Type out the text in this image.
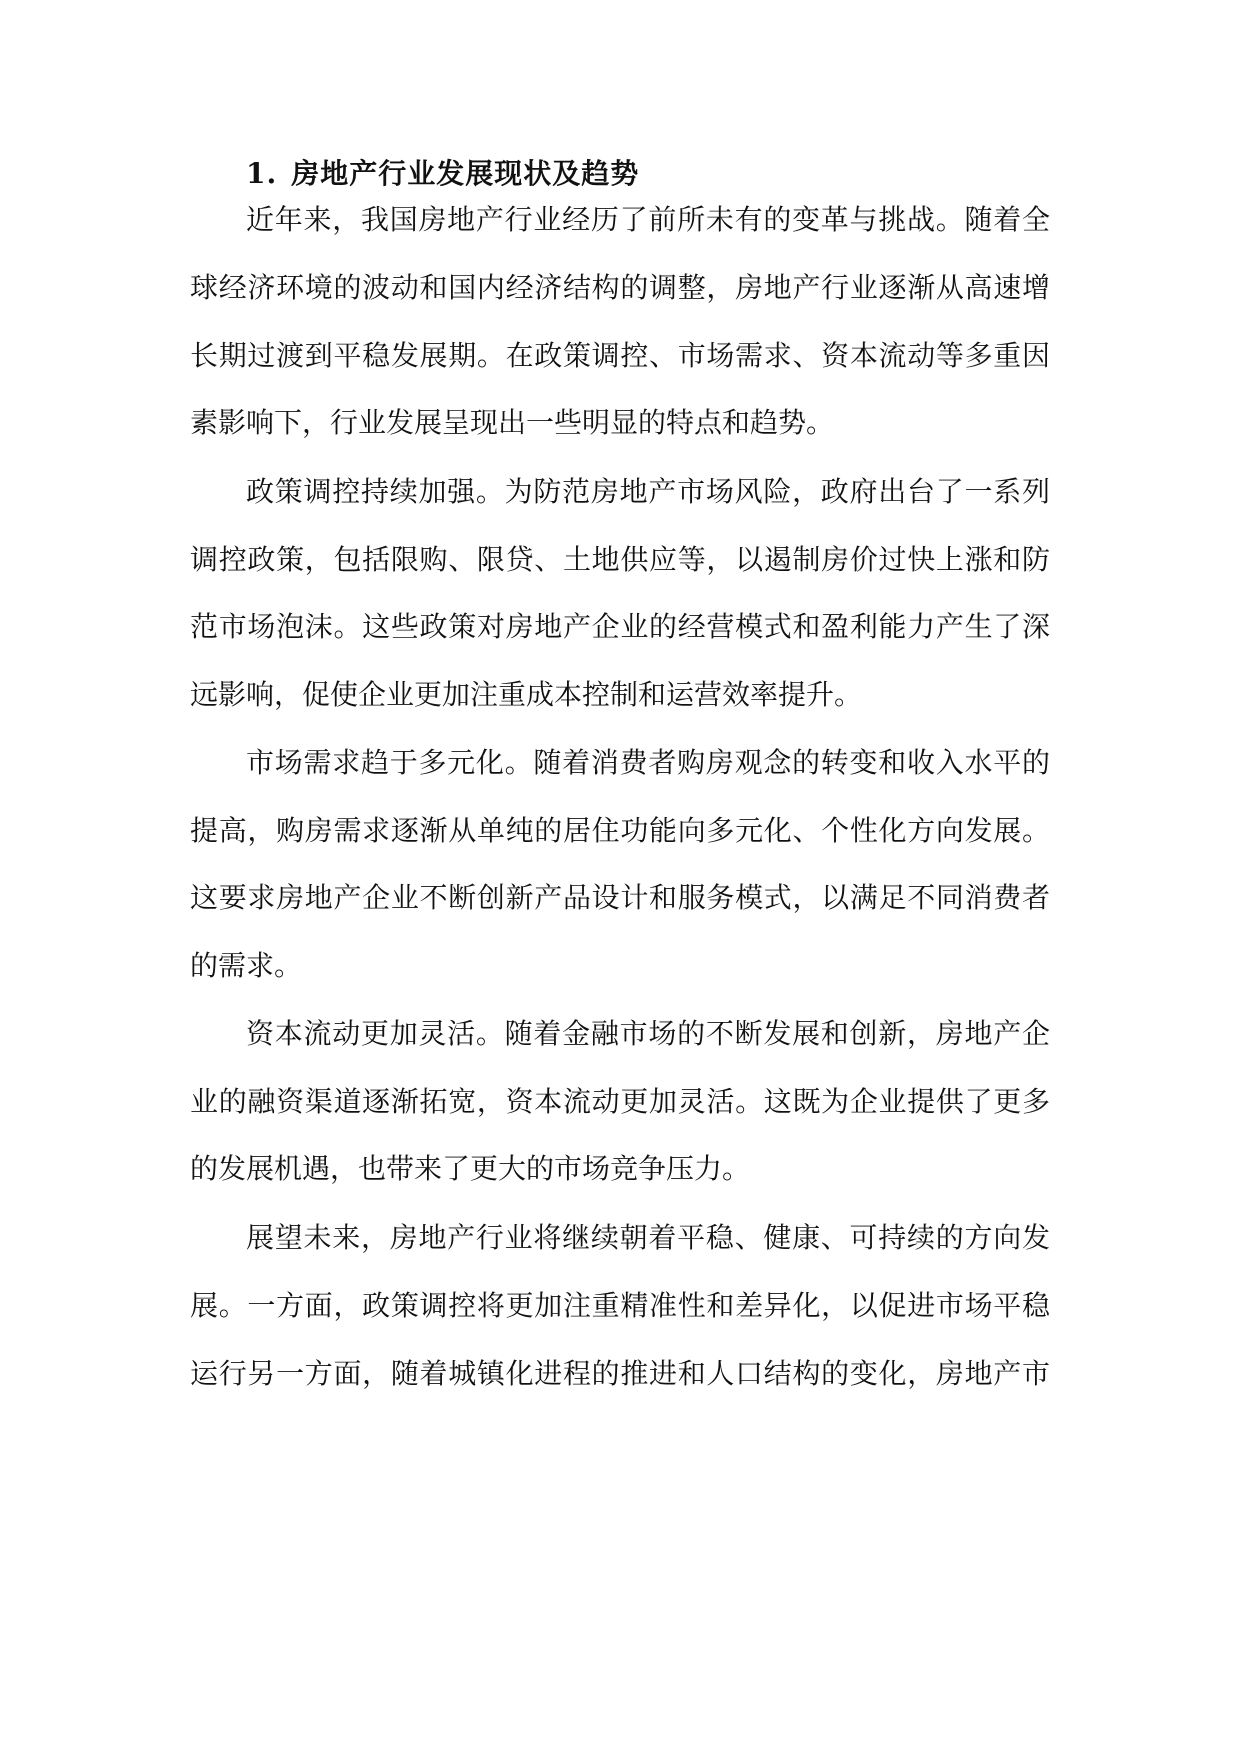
1. 房地产行业发展现状及趋势
近年来，我国房地产行业经历了前所未有的变革与挑战。随着全
球经济环境的波动和国内经济结构的调整，房地产行业逐渐从高速增
长期过渡到平稳发展期。在政策调控、市场需求、资本流动等多重因
素影响下，行业发展呈现出一些明显的特点和趋势。
政策调控持续加强。为防范房地产市场风险，政府出台了一系列
调控政策，包括限购、限贷、土地供应等，以遏制房价过快上涨和防
范市场泡沫。这些政策对房地产企业的经营模式和盈利能力产生了深
远影响，促使企业更加注重成本控制和运营效率提升。
市场需求趋于多元化。随着消费者购房观念的转变和收入水平的
提高，购房需求逐渐从单纯的居住功能向多元化、个性化方向发展。
这要求房地产企业不断创新产品设计和服务模式，以满足不同消费者
的需求。
资本流动更加灵活。随着金融市场的不断发展和创新，房地产企
业的融资渠道逐渐拓宽，资本流动更加灵活。这既为企业提供了更多
的发展机遇，也带来了更大的市场竞争压力。
展望未来，房地产行业将继续朝着平稳、健康、可持续的方向发
展。一方面，政策调控将更加注重精准性和差异化，以促进市场平稳
运行另一方面，随着城镇化进程的推进和人口结构的变化，房地产市
